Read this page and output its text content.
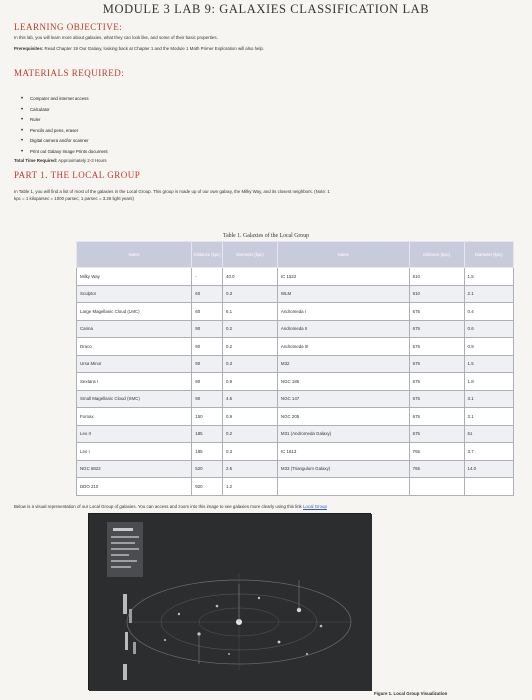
MODULE 3 LAB 9: GALAXIES CLASSIFICATION LAB
LEARNING OBJECTIVE:
In this lab, you will learn more about galaxies, what they can look like, and some of their basic properties.
Prerequisites: Read Chapter 19 Our Galaxy, looking back at Chapter 1 and the Module 1 Math Primer Exploration will also help.
MATERIALS REQUIRED:
• Computer and internet access
• Calculator
• Ruler
• Pencils and pens, eraser
• Digital camera and/or scanner
• Print out Galaxy Image Prints document
Total Time Required: Approximately 2-3 Hours
PART 1. THE LOCAL GROUP
In Table 1, you will find a list of most of the galaxies in the Local Group. This group is made up of our own galaxy, the Milky Way, and its closest neighbors. (Note: 1
kpc = 1 kiloparsec = 1000 parsec; 1 parsec = 3.26 light years)
Table 1. Galaxies of the Local Group
Name	Distance (kpc)	Diameter (kpc)	Name	Distance (kpc)	Diameter (kpc)
Milky Way	-	40.0	IC 1522	610	1.5
Sculptor	60	0.3	WLM	610	2.1
Large Magellanic Cloud (LMC)	60	6.1	Andromeda I	675	0.4
Carina	90	0.2	Andromeda II	675	0.6
Draco	90	0.2	Andromeda III	675	0.9
Ursa Minor	90	0.3	M32	675	1.5
Sextans I	90	0.9	NGC 185	675	1.8
Small Magellanic Cloud (SMC)	90	4.6	NGC 147	675	3.1
Fornax	150	0.9	NGC 205	675	3.1
Leo II	185	0.2	M31 (Andromeda Galaxy)	675	61
Leo I	185	0.3	IC 1613	765	3.7
NGC 6822	520	2.5	M33 (Triangulum Galaxy)	765	14.0
DDO 210	920	1.2			
Below is a visual representation of our Local Group of galaxies. You can access and zoom into this image to see galaxies more clearly using this link Local Group
Figure 1. Local Group Visualization
